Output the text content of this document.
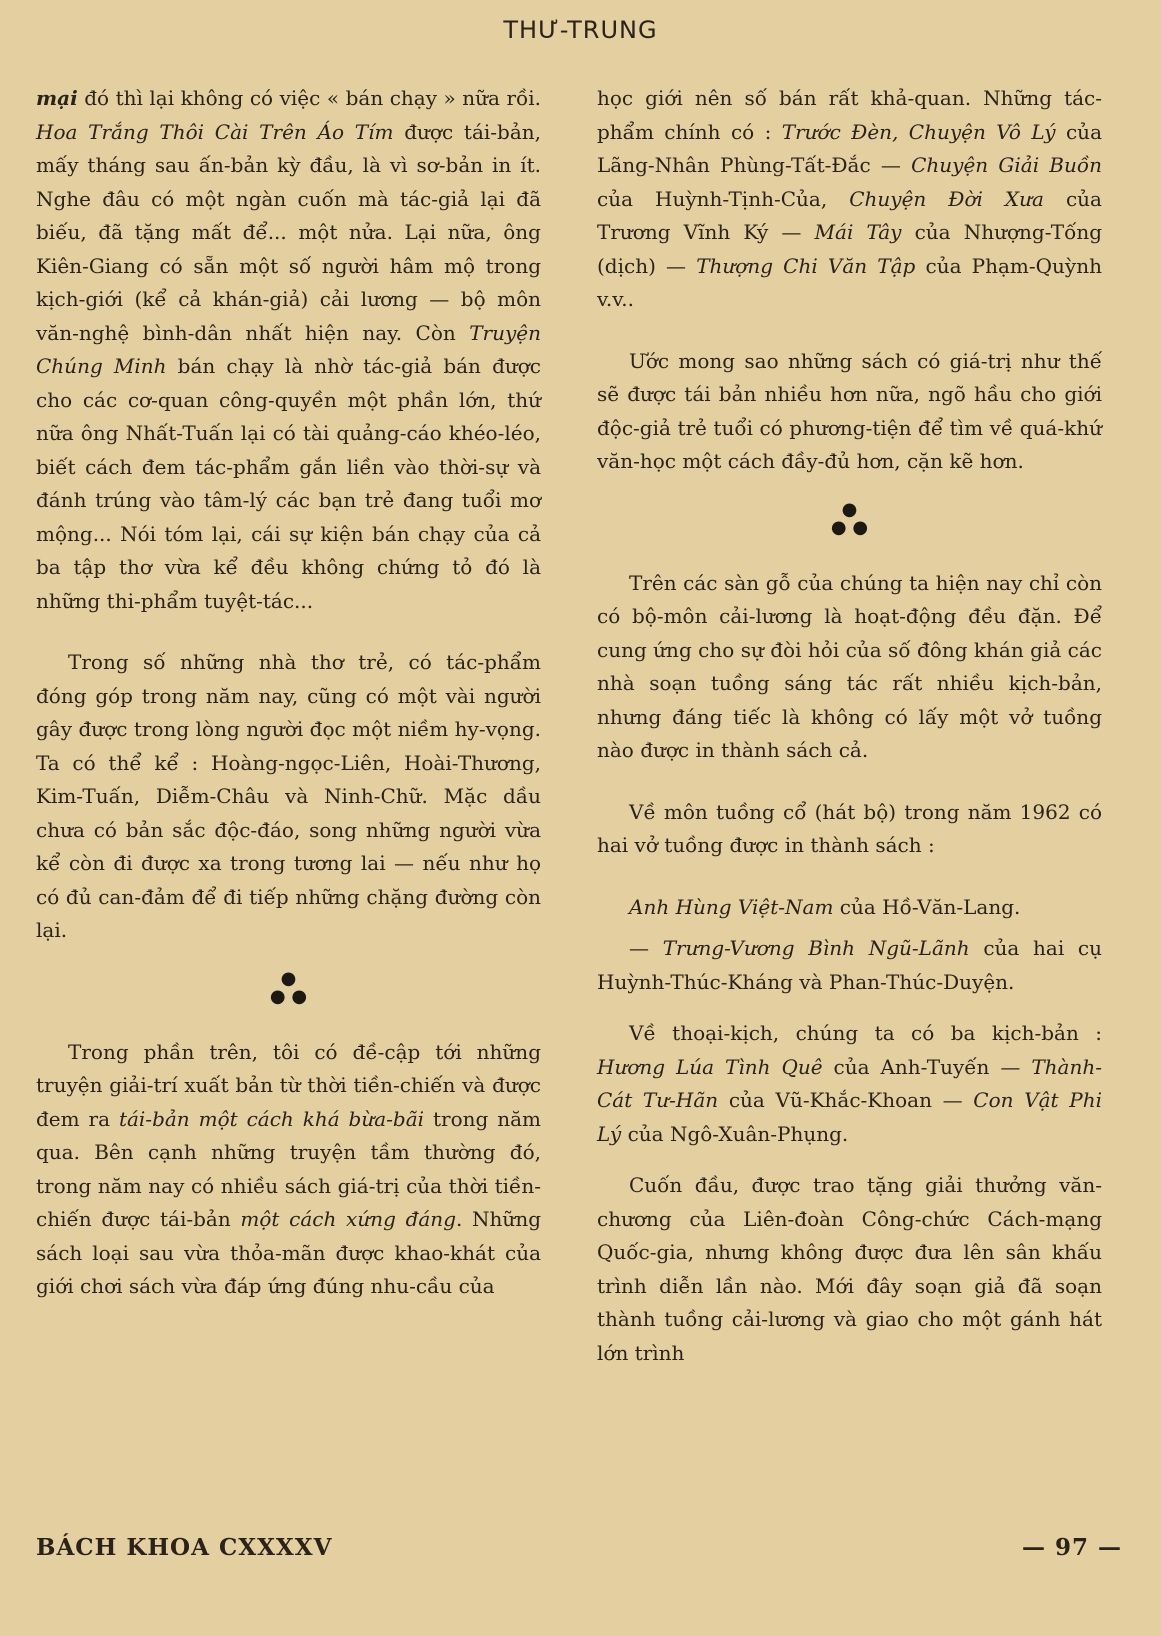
THƯ-TRUNG

mại đó thì lại không có việc « bán chạy » nữa rồi. Hoa Trắng Thôi Cài Trên Áo Tím được tái-bản, mấy tháng sau ấn-bản kỳ đầu, là vì sơ-bản in ít. Nghe đâu có một ngàn cuốn mà tác-giả lại đã biếu, đã tặng mất để... một nửa. Lại nữa, ông Kiên-Giang có sẵn một số người hâm mộ trong kịch-giới (kể cả khán-giả) cải lương — bộ môn văn-nghệ bình-dân nhất hiện nay. Còn Truyện Chúng Minh bán chạy là nhờ tác-giả bán được cho các cơ-quan công-quyền một phần lớn, thứ nữa ông Nhất-Tuấn lại có tài quảng-cáo khéo-léo, biết cách đem tác-phẩm gắn liền vào thời-sự và đánh trúng vào tâm-lý các bạn trẻ đang tuổi mơ mộng... Nói tóm lại, cái sự kiện bán chạy của cả ba tập thơ vừa kể đều không chứng tỏ đó là những thi-phẩm tuyệt-tác...

Trong số những nhà thơ trẻ, có tác-phẩm đóng góp trong năm nay, cũng có một vài người gây được trong lòng người đọc một niềm hy-vọng. Ta có thể kể : Hoàng-ngọc-Liên, Hoài-Thương, Kim-Tuấn, Diễm-Châu và Ninh-Chữ. Mặc dầu chưa có bản sắc độc-đáo, song những người vừa kể còn đi được xa trong tương lai — nếu như họ có đủ can-đảm để đi tiếp những chặng đường còn lại.

●
● ●

Trong phần trên, tôi có đề-cập tới những truyện giải-trí xuất bản từ thời tiền-chiến và được đem ra tái-bản một cách khá bừa-bãi trong năm qua. Bên cạnh những truyện tầm thường đó, trong năm nay có nhiều sách giá-trị của thời tiền-chiến được tái-bản một cách xứng đáng. Những sách loại sau vừa thỏa-mãn được khao-khát của giới chơi sách vừa đáp ứng đúng nhu-cầu của

học giới nên số bán rất khả-quan. Những tác-phẩm chính có : Trước Đèn, Chuyện Vô Lý của Lãng-Nhân Phùng-Tất-Đắc — Chuyện Giải Buồn của Huỳnh-Tịnh-Của, Chuyện Đời Xưa của Trương Vĩnh Ký — Mái Tây của Nhượng-Tống (dịch) — Thượng Chi Văn Tập của Phạm-Quỳnh v.v..

Ước mong sao những sách có giá-trị như thế sẽ được tái bản nhiều hơn nữa, ngõ hầu cho giới độc-giả trẻ tuổi có phương-tiện để tìm về quá-khứ văn-học một cách đầy-đủ hơn, cặn kẽ hơn.

●
● ●

Trên các sàn gỗ của chúng ta hiện nay chỉ còn có bộ-môn cải-lương là hoạt-động đều đặn. Để cung ứng cho sự đòi hỏi của số đông khán giả các nhà soạn tuồng sáng tác rất nhiều kịch-bản, nhưng đáng tiếc là không có lấy một vở tuồng nào được in thành sách cả.

Về môn tuồng cổ (hát bộ) trong năm 1962 có hai vở tuồng được in thành sách :

Anh Hùng Việt-Nam của Hồ-Văn-Lang.

— Trưng-Vương Bình Ngũ-Lãnh của hai cụ Huỳnh-Thúc-Kháng và Phan-Thúc-Duyện.

Về thoại-kịch, chúng ta có ba kịch-bản : Hương Lúa Tình Quê của Anh-Tuyến — Thành-Cát Tư-Hãn của Vũ-Khắc-Khoan — Con Vật Phi Lý của Ngô-Xuân-Phụng.

Cuốn đầu, được trao tặng giải thưởng văn-chương của Liên-đoàn Công-chức Cách-mạng Quốc-gia, nhưng không được đưa lên sân khấu trình diễn lần nào. Mới đây soạn giả đã soạn thành tuồng cải-lương và giao cho một gánh hát lớn trình

BÁCH KHOA CXXXXV	— 97 —
